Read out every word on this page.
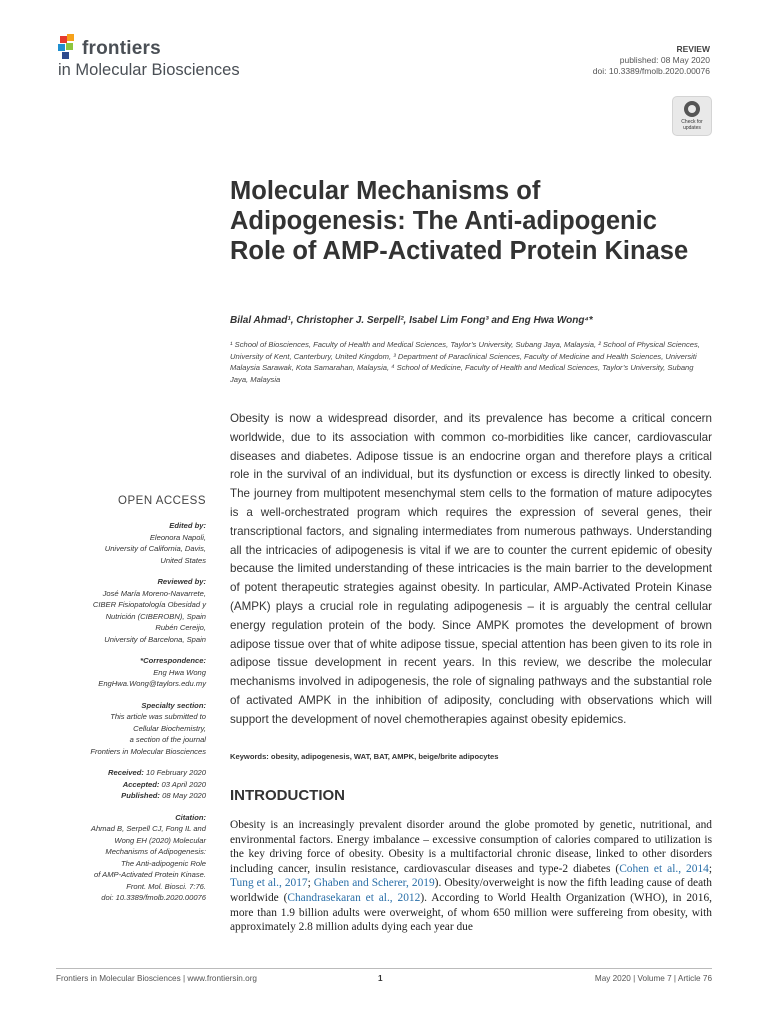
frontiers
in Molecular Biosciences
REVIEW
published: 08 May 2020
doi: 10.3389/fmolb.2020.00076
Check for updates
Molecular Mechanisms of Adipogenesis: The Anti-adipogenic Role of AMP-Activated Protein Kinase
Bilal Ahmad¹, Christopher J. Serpell², Isabel Lim Fong³ and Eng Hwa Wong⁴*
¹ School of Biosciences, Faculty of Health and Medical Sciences, Taylor’s University, Subang Jaya, Malaysia, ² School of Physical Sciences, University of Kent, Canterbury, United Kingdom, ³ Department of Paraclinical Sciences, Faculty of Medicine and Health Sciences, Universiti Malaysia Sarawak, Kota Samarahan, Malaysia, ⁴ School of Medicine, Faculty of Health and Medical Sciences, Taylor’s University, Subang Jaya, Malaysia
Obesity is now a widespread disorder, and its prevalence has become a critical concern worldwide, due to its association with common co-morbidities like cancer, cardiovascular diseases and diabetes. Adipose tissue is an endocrine organ and therefore plays a critical role in the survival of an individual, but its dysfunction or excess is directly linked to obesity. The journey from multipotent mesenchymal stem cells to the formation of mature adipocytes is a well-orchestrated program which requires the expression of several genes, their transcriptional factors, and signaling intermediates from numerous pathways. Understanding all the intricacies of adipogenesis is vital if we are to counter the current epidemic of obesity because the limited understanding of these intricacies is the main barrier to the development of potent therapeutic strategies against obesity. In particular, AMP-Activated Protein Kinase (AMPK) plays a crucial role in regulating adipogenesis – it is arguably the central cellular energy regulation protein of the body. Since AMPK promotes the development of brown adipose tissue over that of white adipose tissue, special attention has been given to its role in adipose tissue development in recent years. In this review, we describe the molecular mechanisms involved in adipogenesis, the role of signaling pathways and the substantial role of activated AMPK in the inhibition of adiposity, concluding with observations which will support the development of novel chemotherapies against obesity epidemics.
Keywords: obesity, adipogenesis, WAT, BAT, AMPK, beige/brite adipocytes
INTRODUCTION
Obesity is an increasingly prevalent disorder around the globe promoted by genetic, nutritional, and environmental factors. Energy imbalance – excessive consumption of calories compared to utilization is the key driving force of obesity. Obesity is a multifactorial chronic disease, linked to other disorders including cancer, insulin resistance, cardiovascular diseases and type-2 diabetes (Cohen et al., 2014; Tung et al., 2017; Ghaben and Scherer, 2019). Obesity/overweight is now the fifth leading cause of death worldwide (Chandrasekaran et al., 2012). According to World Health Organization (WHO), in 2016, more than 1.9 billion adults were overweight, of whom 650 million were suffereing from obesity, with approximately 2.8 million adults dying each year due
OPEN ACCESS
Edited by:
Eleonora Napoli,
University of California, Davis,
United States
Reviewed by:
José María Moreno-Navarrete,
CIBER Fisiopatología Obesidad y
Nutrición (CIBEROBN), Spain
Rubén Cereijo,
University of Barcelona, Spain
*Correspondence:
Eng Hwa Wong
EngHwa.Wong@taylors.edu.my
Specialty section:
This article was submitted to
Cellular Biochemistry,
a section of the journal
Frontiers in Molecular Biosciences
Received: 10 February 2020
Accepted: 03 April 2020
Published: 08 May 2020
Citation:
Ahmad B, Serpell CJ, Fong IL and
Wong EH (2020) Molecular
Mechanisms of Adipogenesis:
The Anti-adipogenic Role
of AMP-Activated Protein Kinase.
Front. Mol. Biosci. 7:76.
doi: 10.3389/fmolb.2020.00076
Frontiers in Molecular Biosciences | www.frontiersin.org	1	May 2020 | Volume 7 | Article 76
